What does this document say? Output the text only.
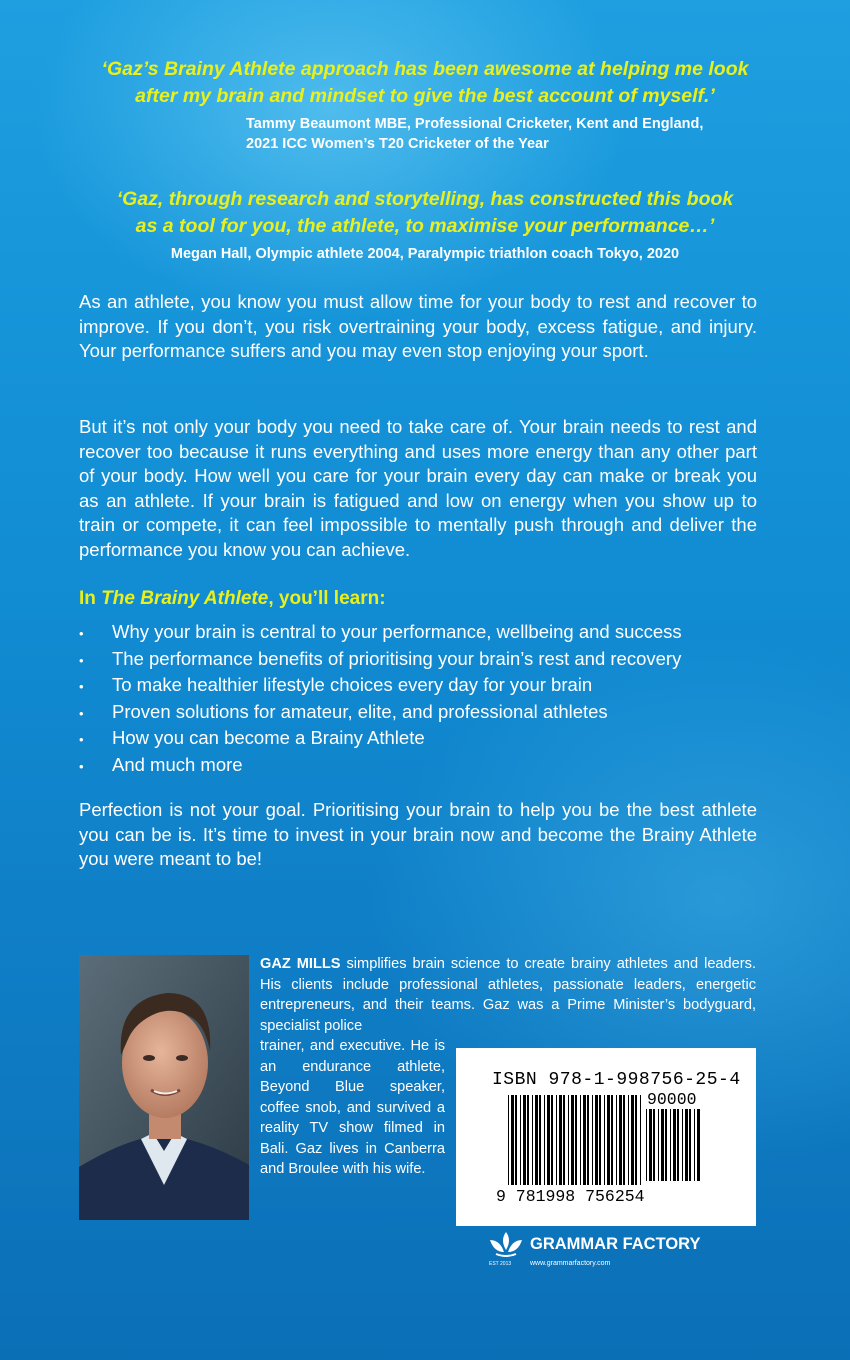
‘Gaz’s Brainy Athlete approach has been awesome at helping me look
after my brain and mindset to give the best account of myself.’

Tammy Beaumont MBE, Professional Cricketer, Kent and England,
2021 ICC Women’s T20 Cricketer of the Year

‘Gaz, through research and storytelling, has constructed this book
as a tool for you, the athlete, to maximise your performance…’

Megan Hall, Olympic athlete 2004, Paralympic triathlon coach Tokyo, 2020

As an athlete, you know you must allow time for your body to rest and recover to improve. If you don’t, you risk overtraining your body, excess fatigue, and injury. Your performance suffers and you may even stop enjoying your sport.

But it’s not only your body you need to take care of. Your brain needs to rest and recover too because it runs everything and uses more energy than any other part of your body. How well you care for your brain every day can make or break you as an athlete. If your brain is fatigued and low on energy when you show up to train or compete, it can feel impossible to mentally push through and deliver the performance you know you can achieve.

In The Brainy Athlete, you’ll learn:

• Why your brain is central to your performance, wellbeing and success
• The performance benefits of prioritising your brain’s rest and recovery
• To make healthier lifestyle choices every day for your brain
• Proven solutions for amateur, elite, and professional athletes
• How you can become a Brainy Athlete
• And much more

Perfection is not your goal. Prioritising your brain to help you be the best athlete you can be is. It’s time to invest in your brain now and become the Brainy Athlete you were meant to be!

GAZ MILLS simplifies brain science to create brainy athletes and leaders. His clients include professional athletes, passionate leaders, energetic entrepreneurs, and their teams. Gaz was a Prime Minister’s bodyguard, specialist police
trainer, and executive. He is an endurance athlete, Beyond Blue speaker, coffee snob, and survived a reality TV show filmed in Bali. Gaz lives in Canberra and Broulee with his wife.

ISBN 978-1-998756-25-4
90000
9 781998 756254
GRAMMAR FACTORY
EST 2013	www.grammarfactory.com
